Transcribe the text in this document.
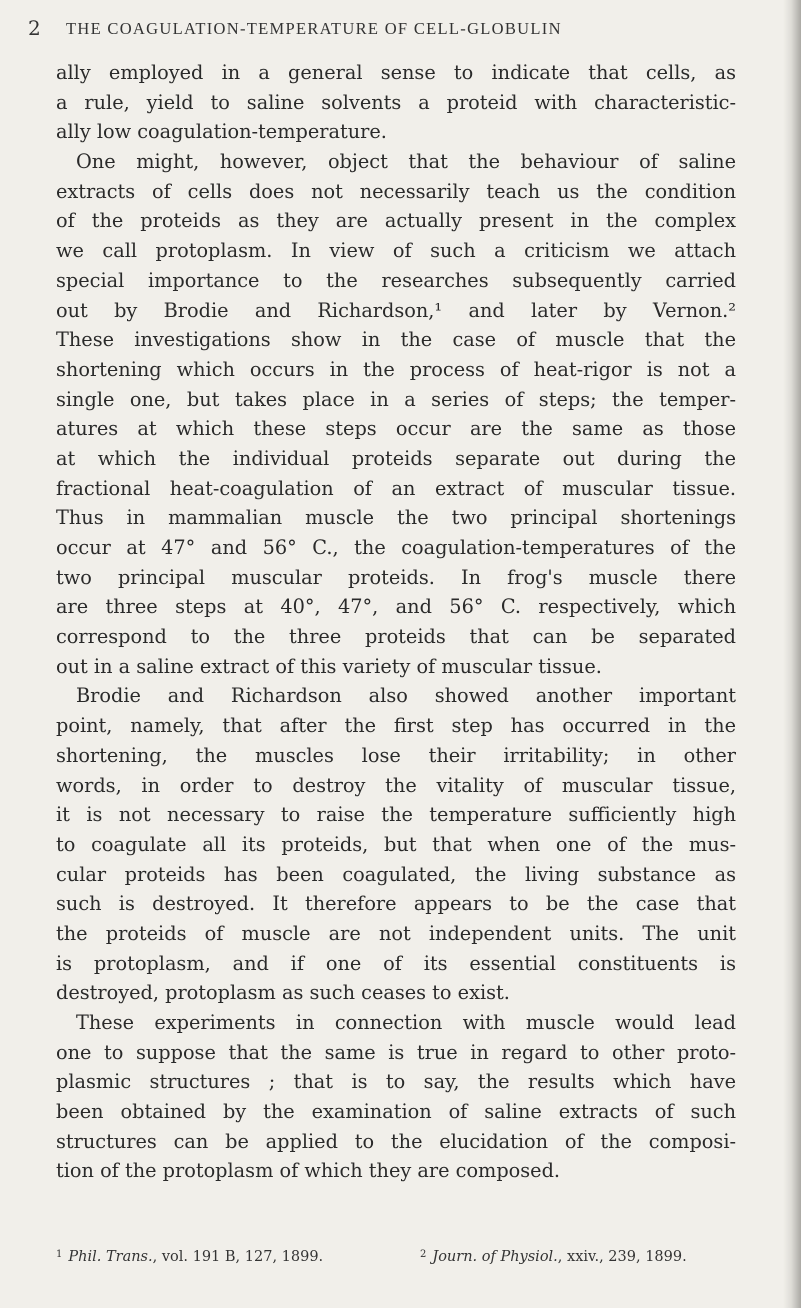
2 THE COAGULATION-TEMPERATURE OF CELL-GLOBULIN
ally employed in a general sense to indicate that cells, as
a rule, yield to saline solvents a proteid with characteristic-
ally low coagulation-temperature.
One might, however, object that the behaviour of saline
extracts of cells does not necessarily teach us the condition
of the proteids as they are actually present in the complex
we call protoplasm. In view of such a criticism we attach
special importance to the researches subsequently carried
out by Brodie and Richardson,¹ and later by Vernon.²
These investigations show in the case of muscle that the
shortening which occurs in the process of heat-rigor is not a
single one, but takes place in a series of steps; the temper-
atures at which these steps occur are the same as those
at which the individual proteids separate out during the
fractional heat-coagulation of an extract of muscular tissue.
Thus in mammalian muscle the two principal shortenings
occur at 47° and 56° C., the coagulation-temperatures of the
two principal muscular proteids. In frog's muscle there
are three steps at 40°, 47°, and 56° C. respectively, which
correspond to the three proteids that can be separated
out in a saline extract of this variety of muscular tissue.
Brodie and Richardson also showed another important
point, namely, that after the first step has occurred in the
shortening, the muscles lose their irritability; in other
words, in order to destroy the vitality of muscular tissue,
it is not necessary to raise the temperature sufficiently high
to coagulate all its proteids, but that when one of the mus-
cular proteids has been coagulated, the living substance as
such is destroyed. It therefore appears to be the case that
the proteids of muscle are not independent units. The unit
is protoplasm, and if one of its essential constituents is
destroyed, protoplasm as such ceases to exist.
These experiments in connection with muscle would lead
one to suppose that the same is true in regard to other proto-
plasmic structures ; that is to say, the results which have
been obtained by the examination of saline extracts of such
structures can be applied to the elucidation of the composi-
tion of the protoplasm of which they are composed.
$^1$ Phil. Trans., vol. 191 B, 127, 1899.	$^2$ Journ. of Physiol., xxiv., 239, 1899.
